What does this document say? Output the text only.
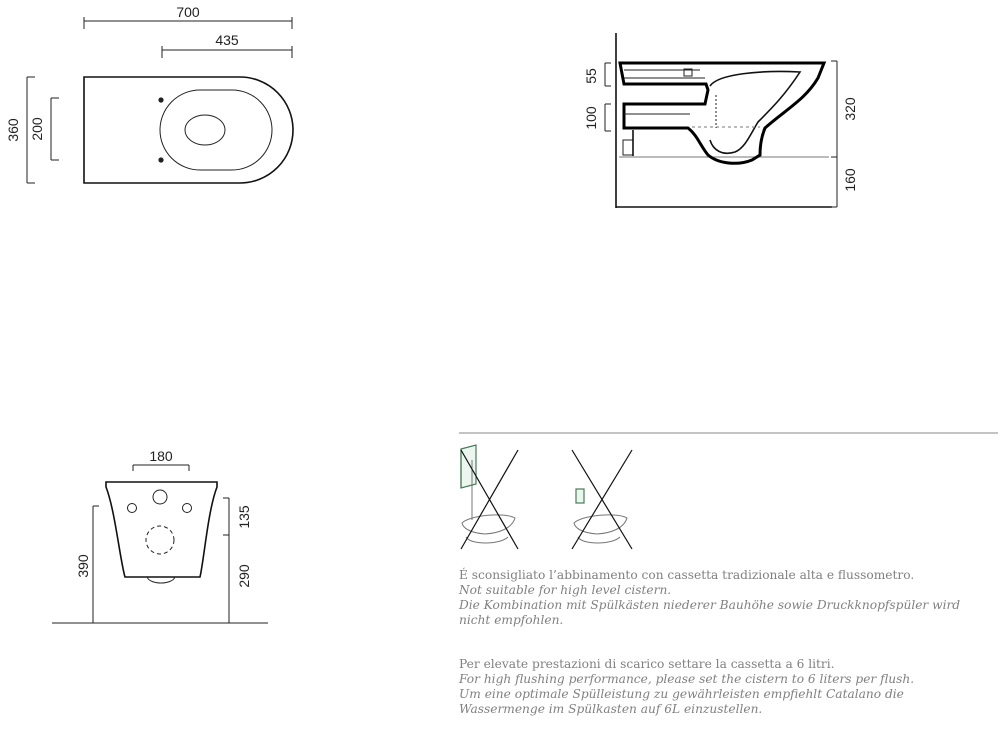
700
435
360 200
55
100	320
160
180
390
135
290	É sconsigliato l’abbinamento con cassetta tradizionale alta e flussometro.

Not suitable for high level cistern.

Die Kombination mit Spülkästen niederer Bauhöhe sowie Druckknopfspüler wird

nicht empfohlen.

Per elevate prestazioni di scarico settare la cassetta a 6 litri.

For high flushing performance, please set the cistern to 6 liters per flush.

Um eine optimale Spülleistung zu gewährleisten empfiehlt Catalano die

Wassermenge im Spülkasten auf 6L einzustellen.
